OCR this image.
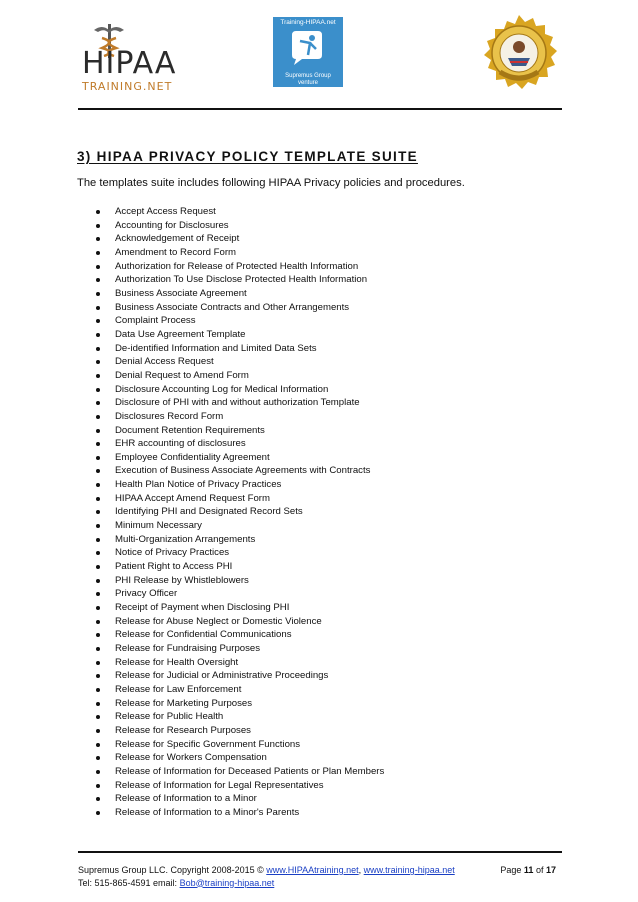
HIPAA
TRAINING.NET
Training-HIPAA.net
Supremus Group
venture
3) HIPAA PRIVACY POLICY TEMPLATE SUITE
The templates suite includes following HIPAA Privacy policies and procedures.
Accept Access Request
Accounting for Disclosures
Acknowledgement of Receipt
Amendment to Record Form
Authorization for Release of Protected Health Information
Authorization To Use Disclose Protected Health Information
Business Associate Agreement
Business Associate Contracts and Other Arrangements
Complaint Process
Data Use Agreement Template
De-identified Information and Limited Data Sets
Denial Access Request
Denial Request to Amend Form
Disclosure Accounting Log for Medical Information
Disclosure of PHI with and without authorization Template
Disclosures Record Form
Document Retention Requirements
EHR accounting of disclosures
Employee Confidentiality Agreement
Execution of Business Associate Agreements with Contracts
Health Plan Notice of Privacy Practices
HIPAA Accept Amend Request Form
Identifying PHI and Designated Record Sets
Minimum Necessary
Multi-Organization Arrangements
Notice of Privacy Practices
Patient Right to Access PHI
PHI Release by Whistleblowers
Privacy Officer
Receipt of Payment when Disclosing PHI
Release for Abuse Neglect or Domestic Violence
Release for Confidential Communications
Release for Fundraising Purposes
Release for Health Oversight
Release for Judicial or Administrative Proceedings
Release for Law Enforcement
Release for Marketing Purposes
Release for Public Health
Release for Research Purposes
Release for Specific Government Functions
Release for Workers Compensation
Release of Information for Deceased Patients or Plan Members
Release of Information for Legal Representatives
Release of Information to a Minor
Release of Information to a Minor's Parents
Supremus Group LLC. Copyright 2008-2015 © www.HIPAAtraining.net, www.training-hipaa.net	Page 11 of 17
Tel: 515-865-4591 email: Bob@training-hipaa.net
